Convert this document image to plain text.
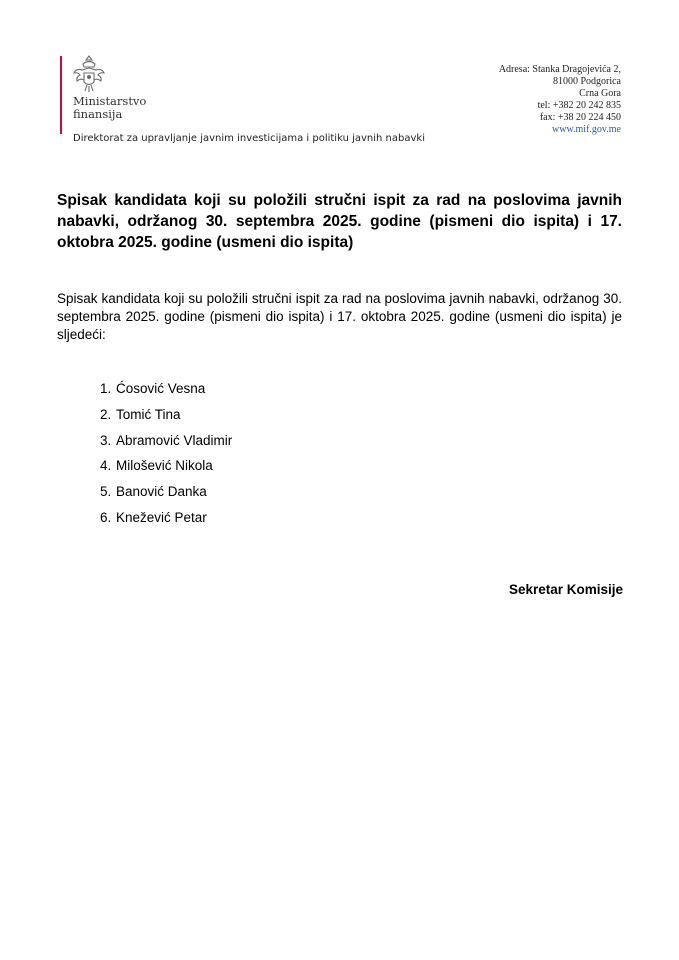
Ministarstvo
finansija
Direktorat za upravljanje javnim investicijama i politiku javnih nabavki
Adresa: Stanka Dragojevića 2,
81000 Podgorica
Crna Gora
tel: +382 20 242 835
fax: +38 20 224 450
www.mif.gov.me

Spisak kandidata koji su položili stručni ispit za rad na poslovima javnih nabavki, održanog 30. septembra 2025. godine (pismeni dio ispita) i 17. oktobra 2025. godine (usmeni dio ispita)

Spisak kandidata koji su položili stručni ispit za rad na poslovima javnih nabavki, održanog 30. septembra 2025. godine (pismeni dio ispita) i 17. oktobra 2025. godine (usmeni dio ispita) je sljedeći:

1. Ćosović Vesna
2. Tomić Tina
3. Abramović Vladimir
4. Milošević Nikola
5. Banović Danka
6. Knežević Petar
Sekretar Komisije
